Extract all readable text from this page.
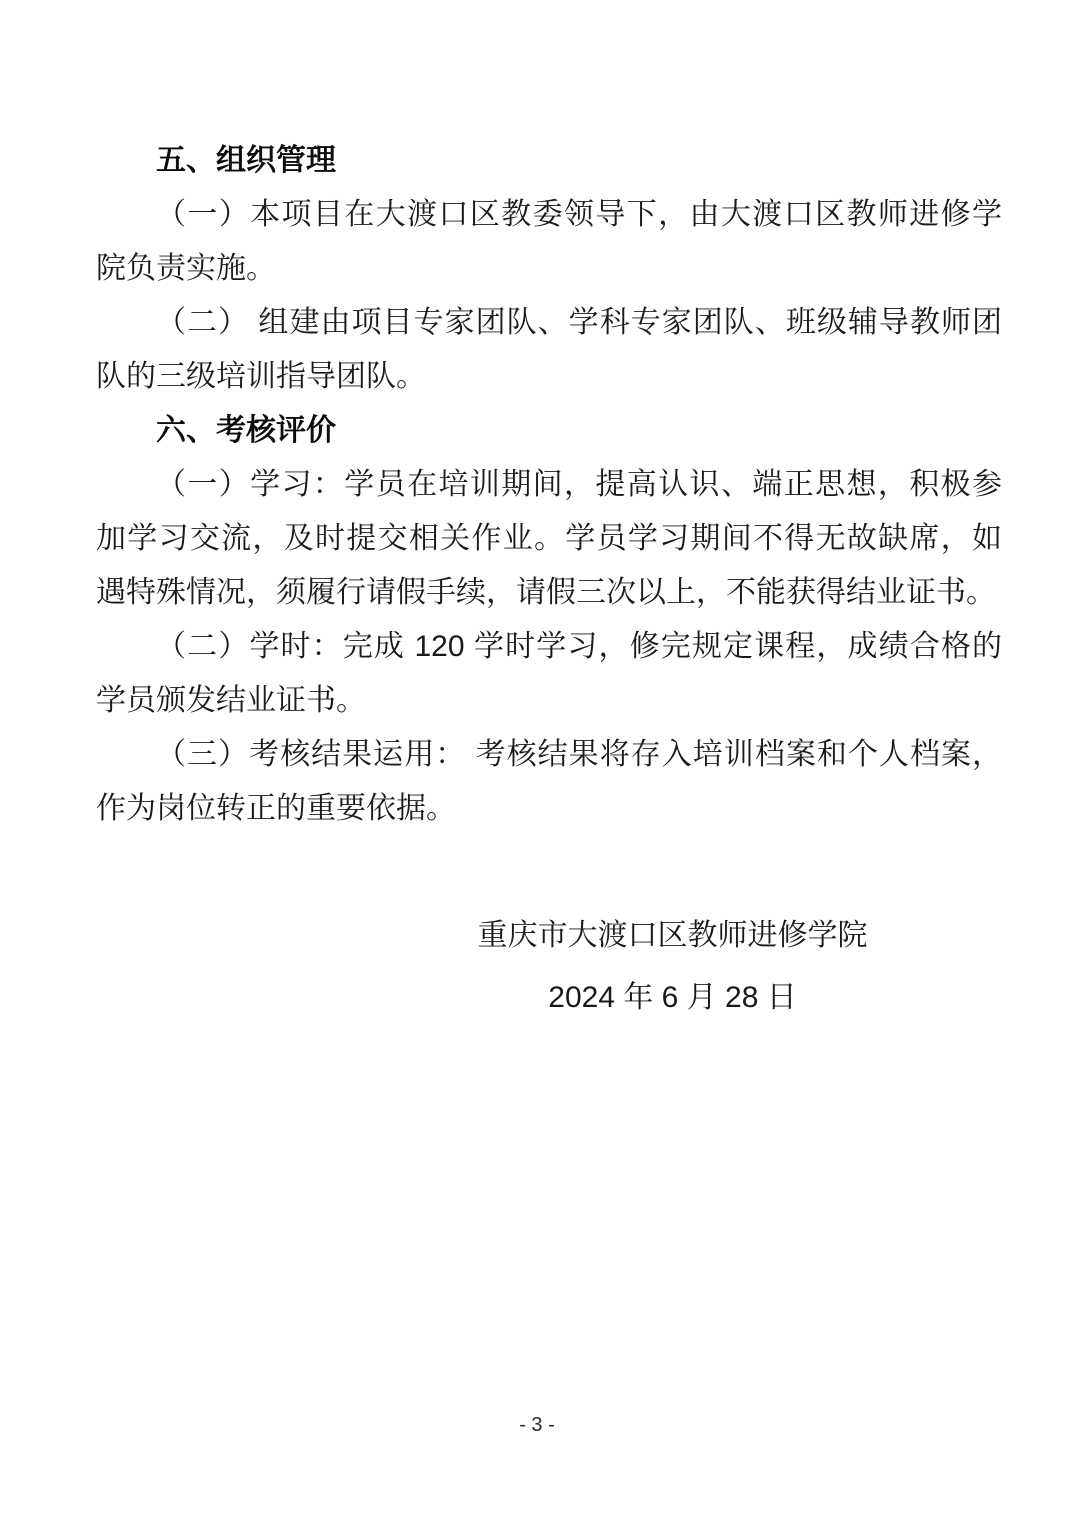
五、组织管理
（一）本项目在大渡口区教委领导下，由大渡口区教师进修学
院负责实施。
（二） 组建由项目专家团队、学科专家团队、班级辅导教师团
队的三级培训指导团队。
六、考核评价
（一）学习：学员在培训期间，提高认识、端正思想，积极参
加学习交流，及时提交相关作业。学员学习期间不得无故缺席，如
遇特殊情况，须履行请假手续，请假三次以上，不能获得结业证书。
（二）学时：完成 120 学时学习，修完规定课程，成绩合格的
学员颁发结业证书。
（三）考核结果运用： 考核结果将存入培训档案和个人档案，
作为岗位转正的重要依据。
重庆市大渡口区教师进修学院
2024 年 6 月 28 日
- 3 -
